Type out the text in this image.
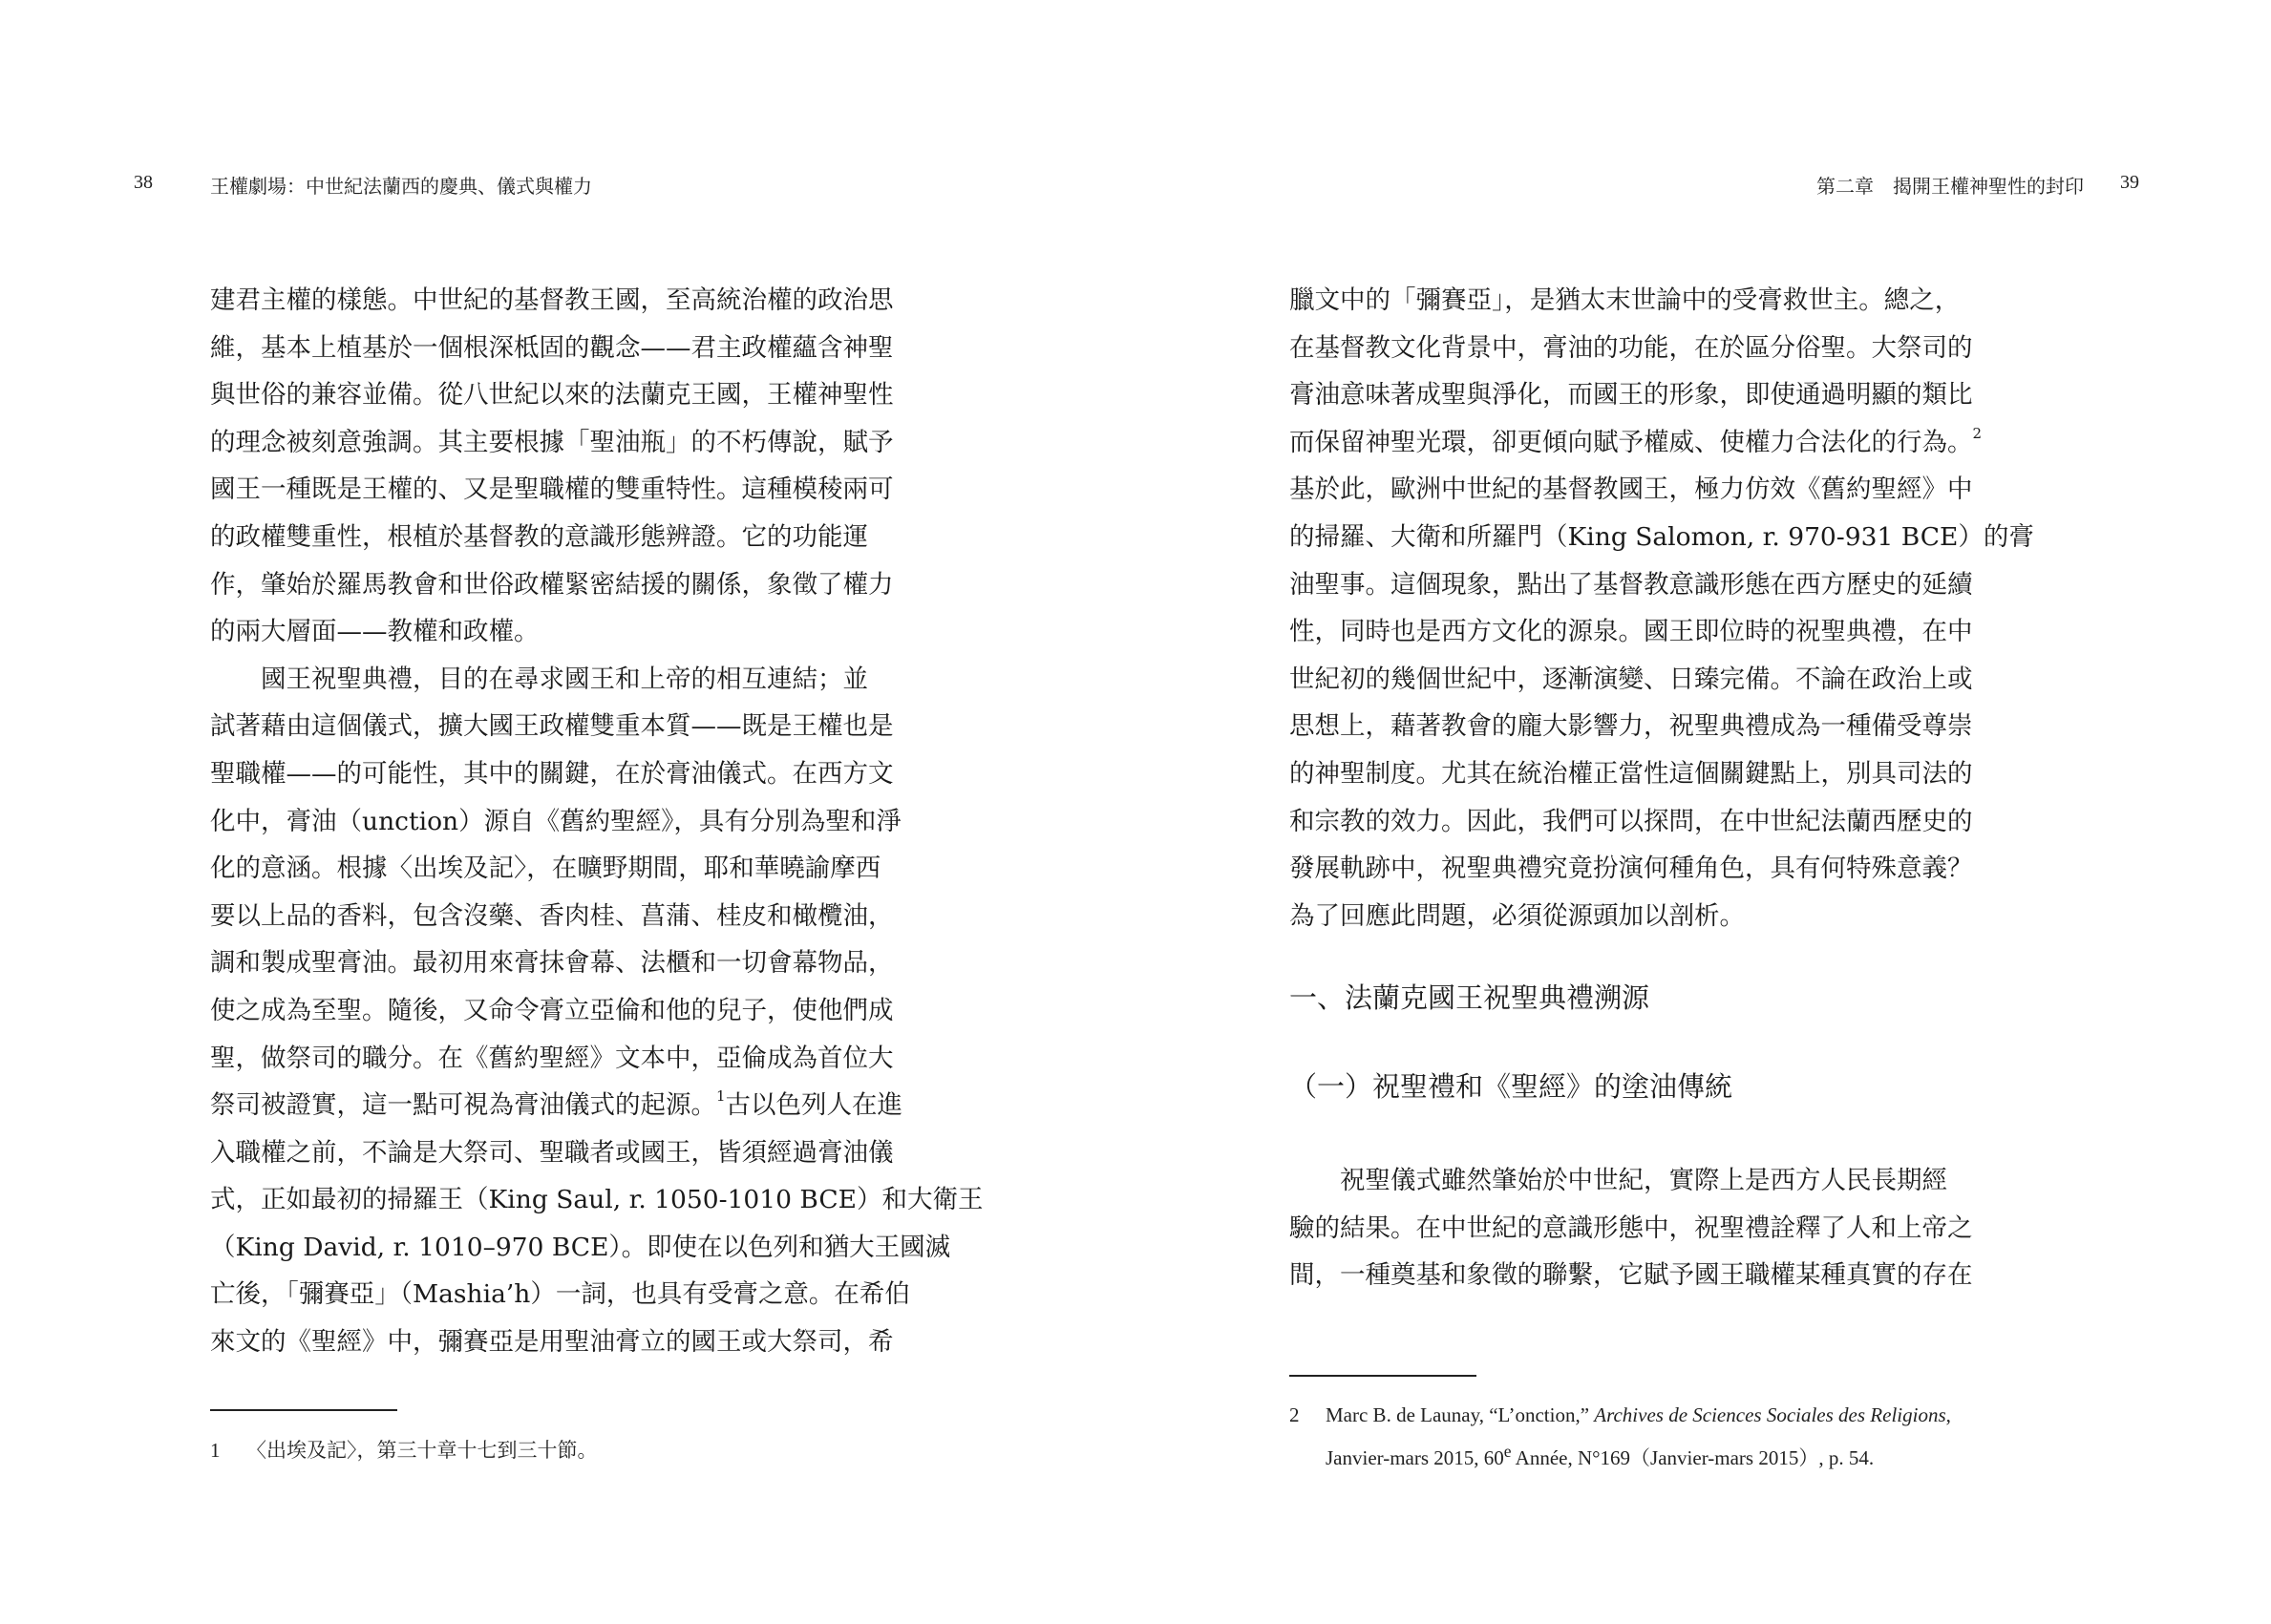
38	王權劇場：中世紀法蘭西的慶典、儀式與權力
建君主權的樣態。中世紀的基督教王國，至高統治權的政治思
維，基本上植基於一個根深柢固的觀念——君主政權蘊含神聖
與世俗的兼容並備。從八世紀以來的法蘭克王國，王權神聖性
的理念被刻意強調。其主要根據「聖油瓶」的不朽傳說，賦予
國王一種既是王權的、又是聖職權的雙重特性。這種模稜兩可
的政權雙重性，根植於基督教的意識形態辨證。它的功能運
作，肇始於羅馬教會和世俗政權緊密結援的關係，象徵了權力
的兩大層面——教權和政權。
　　國王祝聖典禮，目的在尋求國王和上帝的相互連結；並
試著藉由這個儀式，擴大國王政權雙重本質——既是王權也是
聖職權——的可能性，其中的關鍵，在於膏油儀式。在西方文
化中，膏油（unction）源自《舊約聖經》，具有分別為聖和淨
化的意涵。根據〈出埃及記〉，在曠野期間，耶和華曉諭摩西
要以上品的香料，包含沒藥、香肉桂、菖蒲、桂皮和橄欖油，
調和製成聖膏油。最初用來膏抹會幕、法櫃和一切會幕物品，
使之成為至聖。隨後，又命令膏立亞倫和他的兒子，使他們成
聖，做祭司的職分。在《舊約聖經》文本中，亞倫成為首位大
祭司被證實，這一點可視為膏油儀式的起源。$^1$古以色列人在進
入職權之前，不論是大祭司、聖職者或國王，皆須經過膏油儀
式，正如最初的掃羅王（King Saul, r. 1050-1010 BCE）和大衛王
（King David, r. 1010–970 BCE）。即使在以色列和猶大王國滅
亡後，「彌賽亞」（Mashia’h）一詞，也具有受膏之意。在希伯
來文的《聖經》中，彌賽亞是用聖油膏立的國王或大祭司，希
1 〈出埃及記〉，第三十章十七到三十節。
第二章　揭開王權神聖性的封印 39
臘文中的「彌賽亞」，是猶太末世論中的受膏救世主。總之，
在基督教文化背景中，膏油的功能，在於區分俗聖。大祭司的
膏油意味著成聖與淨化，而國王的形象，即使通過明顯的類比
而保留神聖光環，卻更傾向賦予權威、使權力合法化的行為。$^2$
基於此，歐洲中世紀的基督教國王，極力仿效《舊約聖經》中
的掃羅、大衛和所羅門（King Salomon, r. 970-931 BCE）的膏
油聖事。這個現象，點出了基督教意識形態在西方歷史的延續
性，同時也是西方文化的源泉。國王即位時的祝聖典禮，在中
世紀初的幾個世紀中，逐漸演變、日臻完備。不論在政治上或
思想上，藉著教會的龐大影響力，祝聖典禮成為一種備受尊崇
的神聖制度。尤其在統治權正當性這個關鍵點上，別具司法的
和宗教的效力。因此，我們可以探問，在中世紀法蘭西歷史的
發展軌跡中，祝聖典禮究竟扮演何種角色，具有何特殊意義？
為了回應此問題，必須從源頭加以剖析。
一、法蘭克國王祝聖典禮溯源
（一）祝聖禮和《聖經》的塗油傳統
　　祝聖儀式雖然肇始於中世紀，實際上是西方人民長期經
驗的結果。在中世紀的意識形態中，祝聖禮詮釋了人和上帝之
間，一種奠基和象徵的聯繫，它賦予國王職權某種真實的存在
2 Marc B. de Launay, “L’onction,” Archives de Sciences Sociales des Religions,
Janvier-mars 2015, 60e Année, N°169（Janvier-mars 2015）, p. 54.
